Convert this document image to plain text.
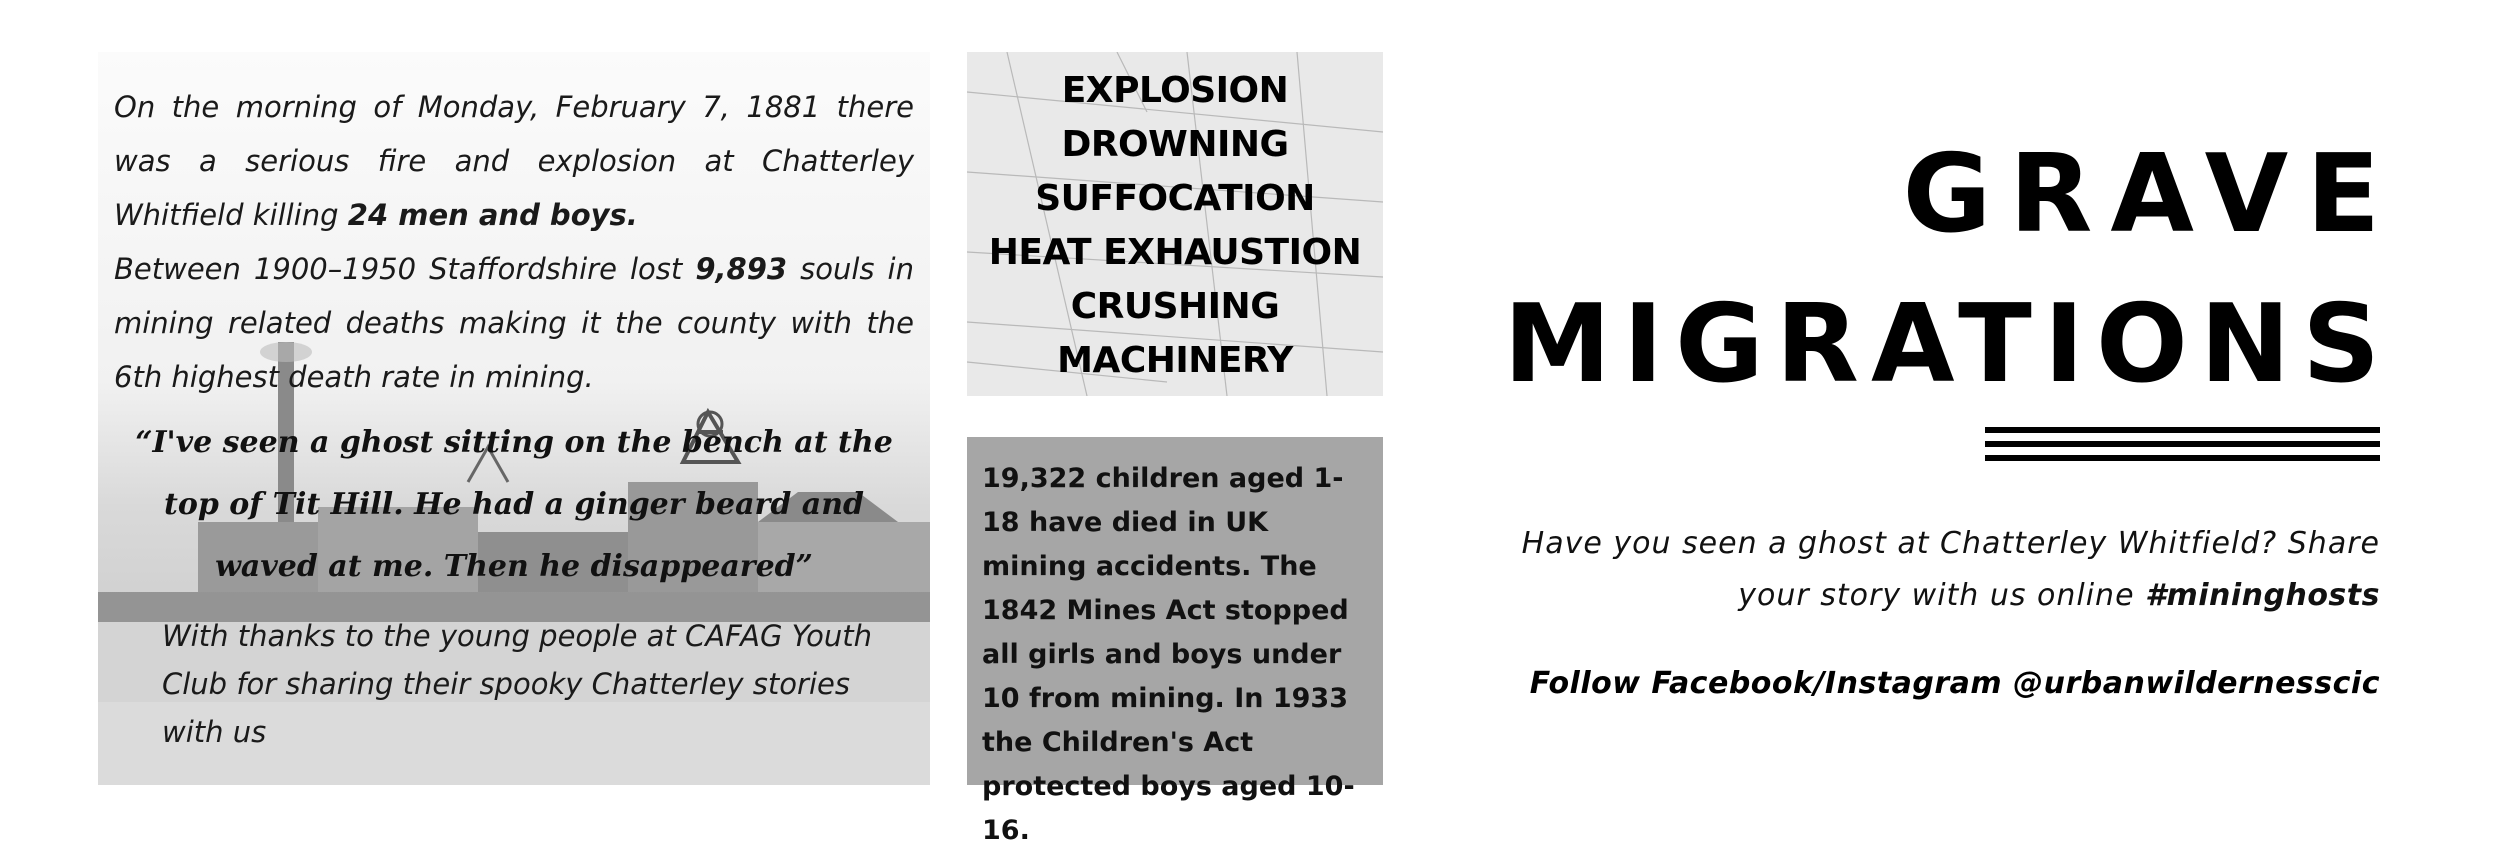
On the morning of Monday, February 7, 1881 there was a serious fire and explosion at Chatterley Whitfield killing 24 men and boys.
Between 1900–1950 Staffordshire lost 9,893 souls in mining related deaths making it the county with the 6th highest death rate in mining.
“I've seen a ghost sitting on the bench at the top of Tit Hill. He had a ginger beard and waved at me. Then he disappeared”
With thanks to the young people at CAFAG Youth Club for sharing their spooky Chatterley stories with us
EXPLOSION
DROWNING
SUFFOCATION
HEAT EXHAUSTION
CRUSHING
MACHINERY

19,322 children aged 1-18 have died in UK mining accidents. The 1842 Mines Act stopped all girls and boys under 10 from mining. In 1933 the Children's Act protected boys aged 10-16.

GRAVE
MIGRATIONS
Have you seen a ghost at Chatterley Whitfield? Share your story with us online #mininghosts
Follow Facebook/Instagram @urbanwildernesscic
